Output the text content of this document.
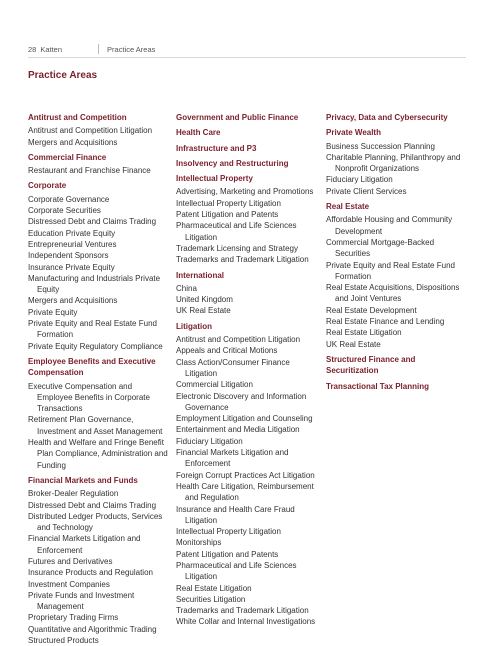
28 Katten	Practice Areas
Practice Areas
Antitrust and Competition
Antitrust and Competition Litigation
Mergers and Acquisitions
Commercial Finance
Restaurant and Franchise Finance
Corporate
Corporate Governance
Corporate Securities
Distressed Debt and Claims Trading
Education Private Equity
Entrepreneurial Ventures
Independent Sponsors
Insurance Private Equity
Manufacturing and Industrials Private Equity
Mergers and Acquisitions
Private Equity
Private Equity and Real Estate Fund Formation
Private Equity Regulatory Compliance
Employee Benefits and Executive Compensation
Executive Compensation and Employee Benefits in Corporate Transactions
Retirement Plan Governance, Investment and Asset Management
Health and Welfare and Fringe Benefit Plan Compliance, Administration and Funding
Financial Markets and Funds
Broker-Dealer Regulation
Distressed Debt and Claims Trading
Distributed Ledger Products, Services and Technology
Financial Markets Litigation and Enforcement
Futures and Derivatives
Insurance Products and Regulation
Investment Companies
Private Funds and Investment Management
Proprietary Trading Firms
Quantitative and Algorithmic Trading
Structured Products
Government and Public Finance
Health Care
Infrastructure and P3
Insolvency and Restructuring
Intellectual Property
Advertising, Marketing and Promotions
Intellectual Property Litigation
Patent Litigation and Patents
Pharmaceutical and Life Sciences Litigation
Trademark Licensing and Strategy
Trademarks and Trademark Litigation
International
China
United Kingdom
UK Real Estate
Litigation
Antitrust and Competition Litigation
Appeals and Critical Motions
Class Action/Consumer Finance Litigation
Commercial Litigation
Electronic Discovery and Information Governance
Employment Litigation and Counseling
Entertainment and Media Litigation
Fiduciary Litigation
Financial Markets Litigation and Enforcement
Foreign Corrupt Practices Act Litigation
Health Care Litigation, Reimbursement and Regulation
Insurance and Health Care Fraud Litigation
Intellectual Property Litigation
Monitorships
Patent Litigation and Patents
Pharmaceutical and Life Sciences Litigation
Real Estate Litigation
Securities Litigation
Trademarks and Trademark Litigation
White Collar and Internal Investigations
Privacy, Data and Cybersecurity
Private Wealth
Business Succession Planning
Charitable Planning, Philanthropy and Nonprofit Organizations
Fiduciary Litigation
Private Client Services
Real Estate
Affordable Housing and Community Development
Commercial Mortgage-Backed Securities
Private Equity and Real Estate Fund Formation
Real Estate Acquisitions, Dispositions and Joint Ventures
Real Estate Development
Real Estate Finance and Lending
Real Estate Litigation
UK Real Estate
Structured Finance and Securitization
Transactional Tax Planning
